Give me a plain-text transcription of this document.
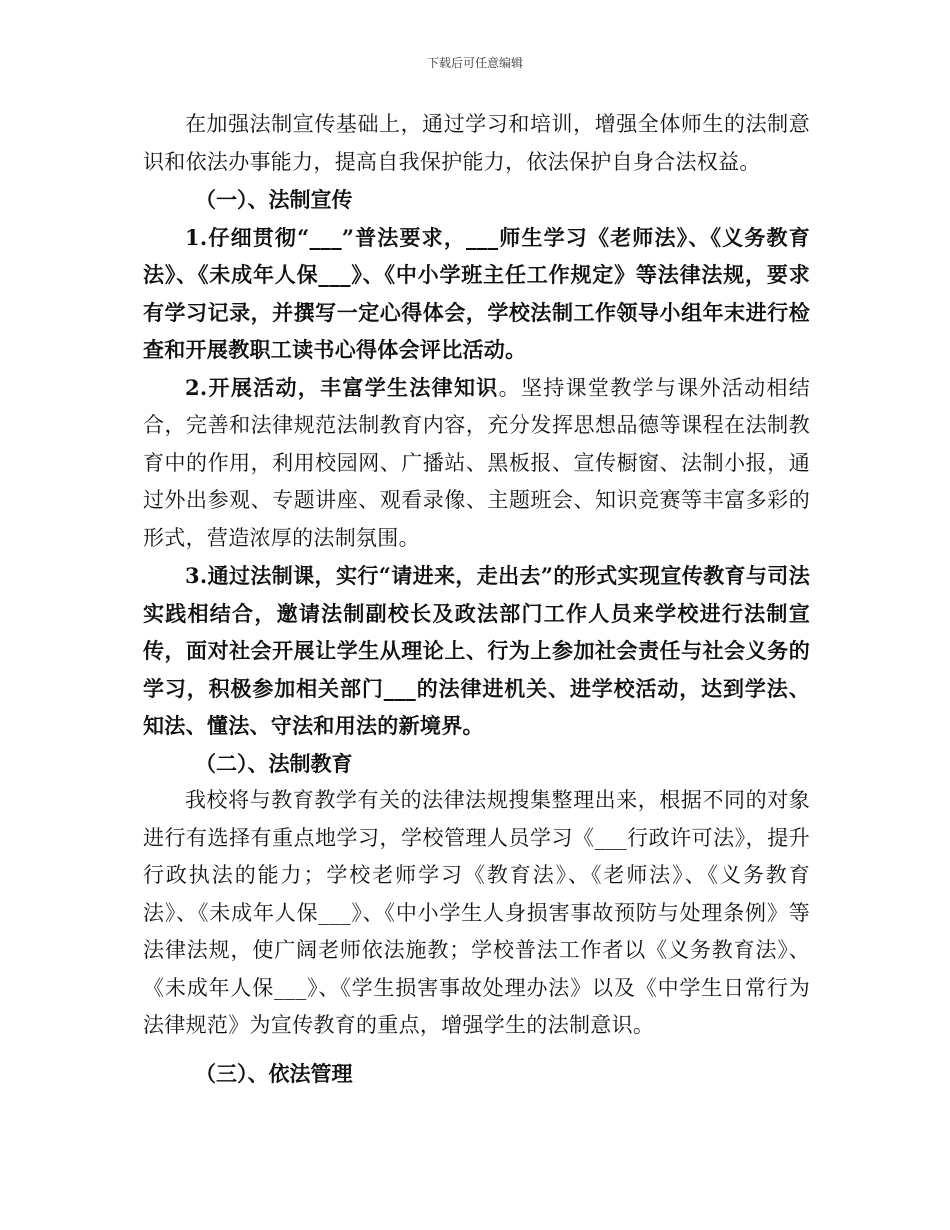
下载后可任意编辑

在加强法制宣传基础上，通过学习和培训，增强全体师生的法制意识和依法办事能力，提高自我保护能力，依法保护自身合法权益。

（一）、法制宣传

1.仔细贯彻“___”普法要求，___师生学习《老师法》、《义务教育法》、《未成年人保___》、《中小学班主任工作规定》等法律法规，要求有学习记录，并撰写一定心得体会，学校法制工作领导小组年末进行检查和开展教职工读书心得体会评比活动。

2.开展活动，丰富学生法律知识。坚持课堂教学与课外活动相结合，完善和法律规范法制教育内容，充分发挥思想品德等课程在法制教育中的作用，利用校园网、广播站、黑板报、宣传橱窗、法制小报，通过外出参观、专题讲座、观看录像、主题班会、知识竞赛等丰富多彩的形式，营造浓厚的法制氛围。

3.通过法制课，实行“请进来，走出去”的形式实现宣传教育与司法实践相结合，邀请法制副校长及政法部门工作人员来学校进行法制宣传，面对社会开展让学生从理论上、行为上参加社会责任与社会义务的学习，积极参加相关部门___的法律进机关、进学校活动，达到学法、知法、懂法、守法和用法的新境界。

（二）、法制教育

我校将与教育教学有关的法律法规搜集整理出来，根据不同的对象进行有选择有重点地学习，学校管理人员学习《___行政许可法》，提升行政执法的能力；学校老师学习《教育法》、《老师法》、《义务教育法》、《未成年人保___》、《中小学生人身损害事故预防与处理条例》等法律法规，使广阔老师依法施教；学校普法工作者以《义务教育法》、《未成年人保___》、《学生损害事故处理办法》以及《中学生日常行为法律规范》为宣传教育的重点，增强学生的法制意识。

（三）、依法管理
